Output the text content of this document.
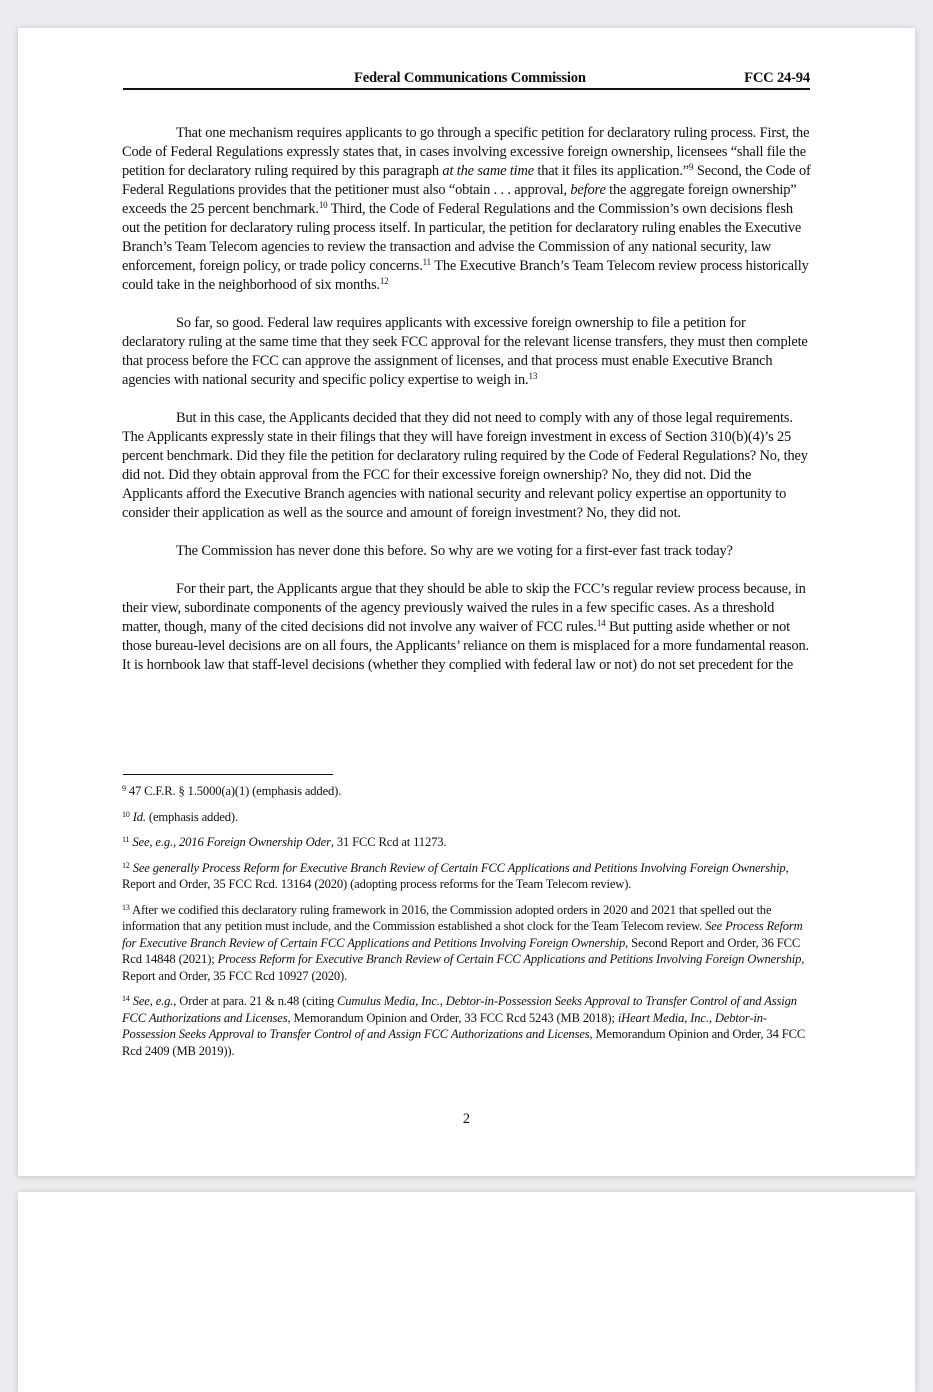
Federal Communications Commission	FCC 24-94

That one mechanism requires applicants to go through a specific petition for declaratory ruling process. First, the Code of Federal Regulations expressly states that, in cases involving excessive foreign ownership, licensees “shall file the petition for declaratory ruling required by this paragraph at the same time that it files its application.”$^9$ Second, the Code of Federal Regulations provides that the petitioner must also “obtain . . . approval, before the aggregate foreign ownership” exceeds the 25 percent benchmark.$^{10}$ Third, the Code of Federal Regulations and the Commission’s own decisions flesh out the petition for declaratory ruling process itself. In particular, the petition for declaratory ruling enables the Executive Branch’s Team Telecom agencies to review the transaction and advise the Commission of any national security, law enforcement, foreign policy, or trade policy concerns.$^{11}$ The Executive Branch’s Team Telecom review process historically could take in the neighborhood of six months.$^{12}$

So far, so good. Federal law requires applicants with excessive foreign ownership to file a petition for declaratory ruling at the same time that they seek FCC approval for the relevant license transfers, they must then complete that process before the FCC can approve the assignment of licenses, and that process must enable Executive Branch agencies with national security and specific policy expertise to weigh in.$^{13}$

But in this case, the Applicants decided that they did not need to comply with any of those legal requirements. The Applicants expressly state in their filings that they will have foreign investment in excess of Section 310(b)(4)’s 25 percent benchmark. Did they file the petition for declaratory ruling required by the Code of Federal Regulations? No, they did not. Did they obtain approval from the FCC for their excessive foreign ownership? No, they did not. Did the Applicants afford the Executive Branch agencies with national security and relevant policy expertise an opportunity to consider their application as well as the source and amount of foreign investment? No, they did not.

The Commission has never done this before. So why are we voting for a first-ever fast track today?

For their part, the Applicants argue that they should be able to skip the FCC’s regular review process because, in their view, subordinate components of the agency previously waived the rules in a few specific cases. As a threshold matter, though, many of the cited decisions did not involve any waiver of FCC rules.$^{14}$ But putting aside whether or not those bureau-level decisions are on all fours, the Applicants’ reliance on them is misplaced for a more fundamental reason. It is hornbook law that staff-level decisions (whether they complied with federal law or not) do not set precedent for the

$^9$ 47 C.F.R. § 1.5000(a)(1) (emphasis added).

$^{10}$ Id. (emphasis added).

$^{11}$ See, e.g., 2016 Foreign Ownership Oder, 31 FCC Rcd at 11273.

$^{12}$ See generally Process Reform for Executive Branch Review of Certain FCC Applications and Petitions Involving Foreign Ownership, Report and Order, 35 FCC Rcd. 13164 (2020) (adopting process reforms for the Team Telecom review).

$^{13}$ After we codified this declaratory ruling framework in 2016, the Commission adopted orders in 2020 and 2021 that spelled out the information that any petition must include, and the Commission established a shot clock for the Team Telecom review. See Process Reform for Executive Branch Review of Certain FCC Applications and Petitions Involving Foreign Ownership, Second Report and Order, 36 FCC Rcd 14848 (2021); Process Reform for Executive Branch Review of Certain FCC Applications and Petitions Involving Foreign Ownership, Report and Order, 35 FCC Rcd 10927 (2020).

$^{14}$ See, e.g., Order at para. 21 & n.48 (citing Cumulus Media, Inc., Debtor-in-Possession Seeks Approval to Transfer Control of and Assign FCC Authorizations and Licenses, Memorandum Opinion and Order, 33 FCC Rcd 5243 (MB 2018); iHeart Media, Inc., Debtor-in-Possession Seeks Approval to Transfer Control of and Assign FCC Authorizations and Licenses, Memorandum Opinion and Order, 34 FCC Rcd 2409 (MB 2019)).

2
